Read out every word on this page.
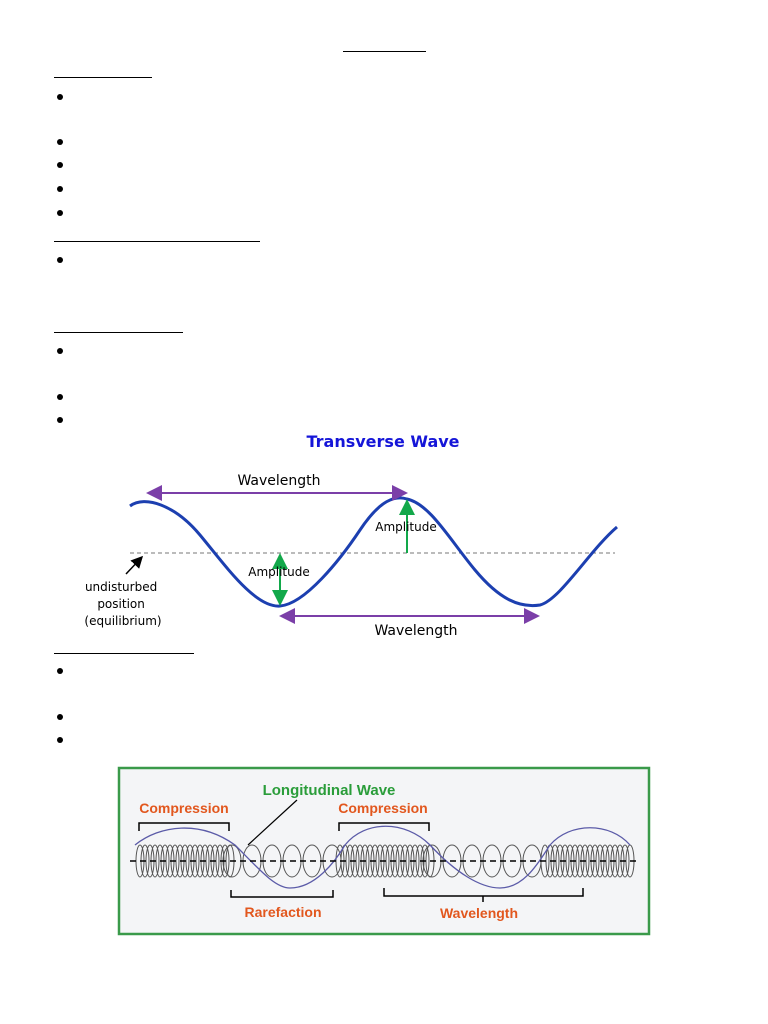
Transverse Wave
Wavelength
Wavelength
Amplitude
Amplitude
undisturbed position (equilibrium)
Longitudinal Wave
Compression	Compression
Rarefaction	Wavelength
